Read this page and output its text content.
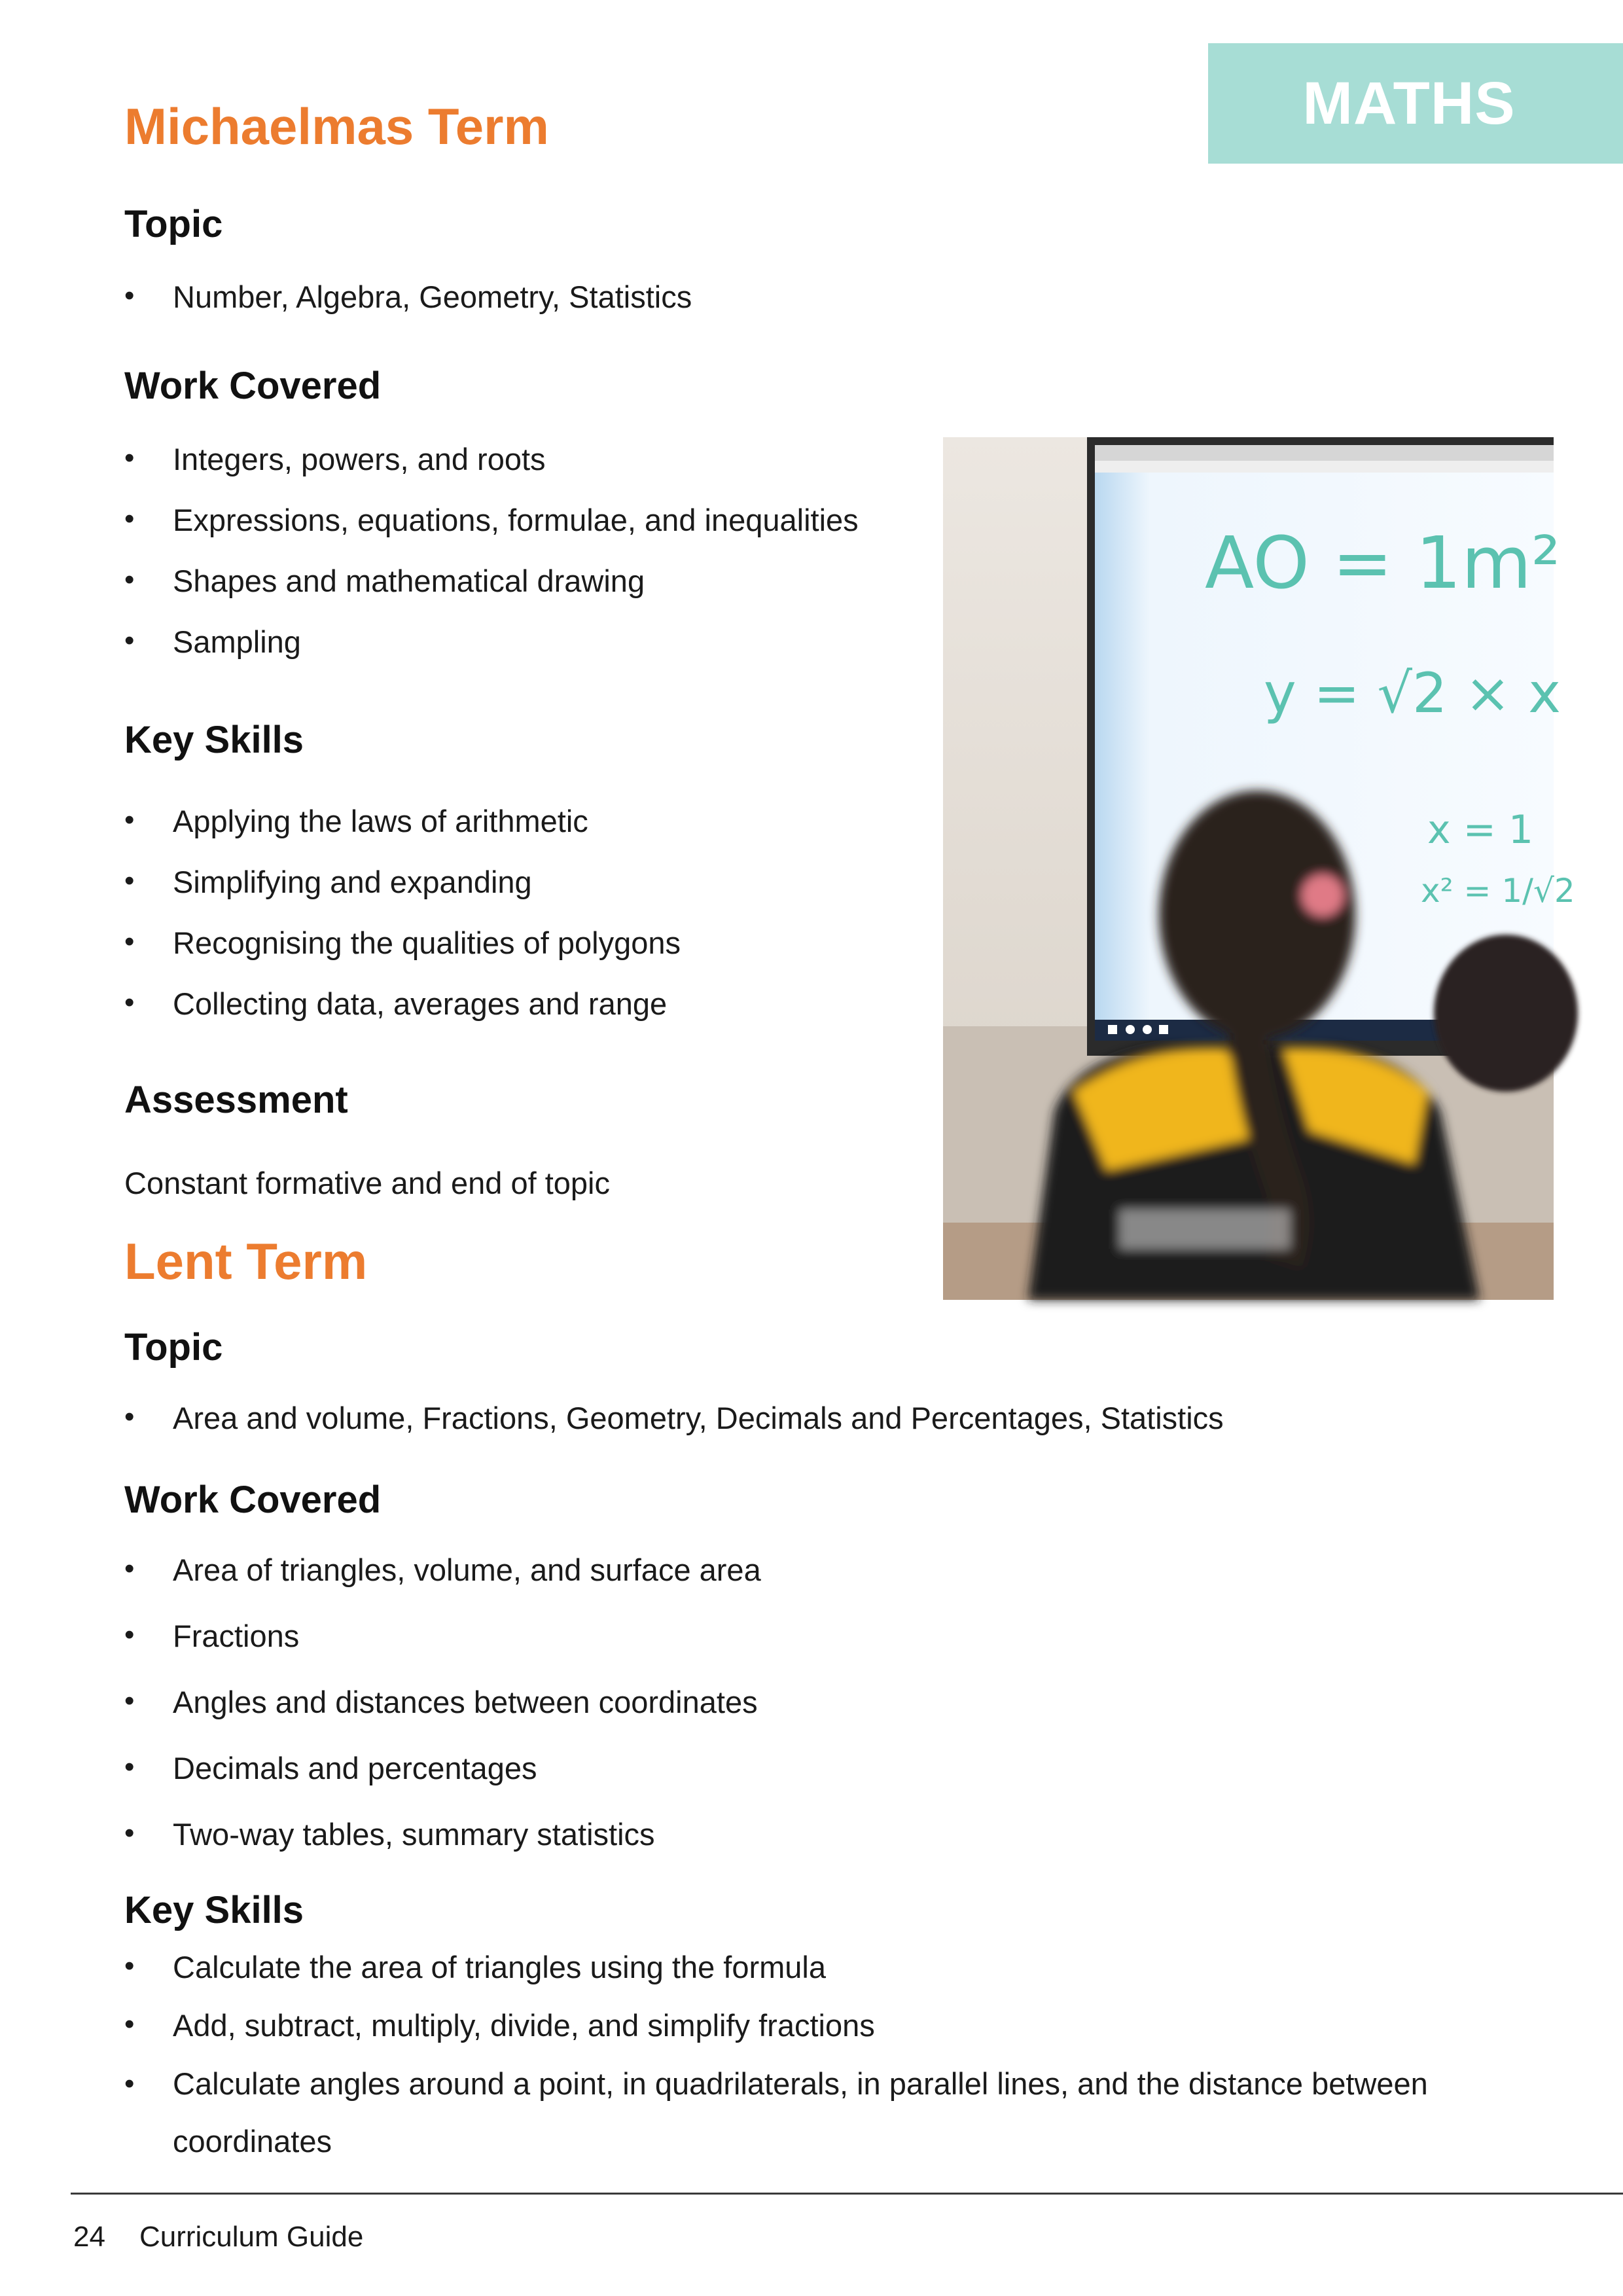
MATHS
Michaelmas Term
Topic
• Number, Algebra, Geometry, Statistics
Work Covered
• Integers, powers, and roots
• Expressions, equations, formulae, and inequalities
• Shapes and mathematical drawing
• Sampling
Key Skills
• Applying the laws of arithmetic
• Simplifying and expanding
• Recognising the qualities of polygons
• Collecting data, averages and range
Assessment

Constant formative and end of topic

AO = 1m²
y = √2 × x
x = 1
x² = 1/√2
Lent Term
Topic
• Area and volume, Fractions, Geometry, Decimals and Percentages, Statistics
Work Covered
• Area of triangles, volume, and surface area
• Fractions
• Angles and distances between coordinates
• Decimals and percentages
• Two-way tables, summary statistics
Key Skills
• Calculate the area of triangles using the formula
• Add, subtract, multiply, divide, and simplify fractions
• Calculate angles around a point, in quadrilaterals, in parallel lines, and the distance between coordinates
24 Curriculum Guide
